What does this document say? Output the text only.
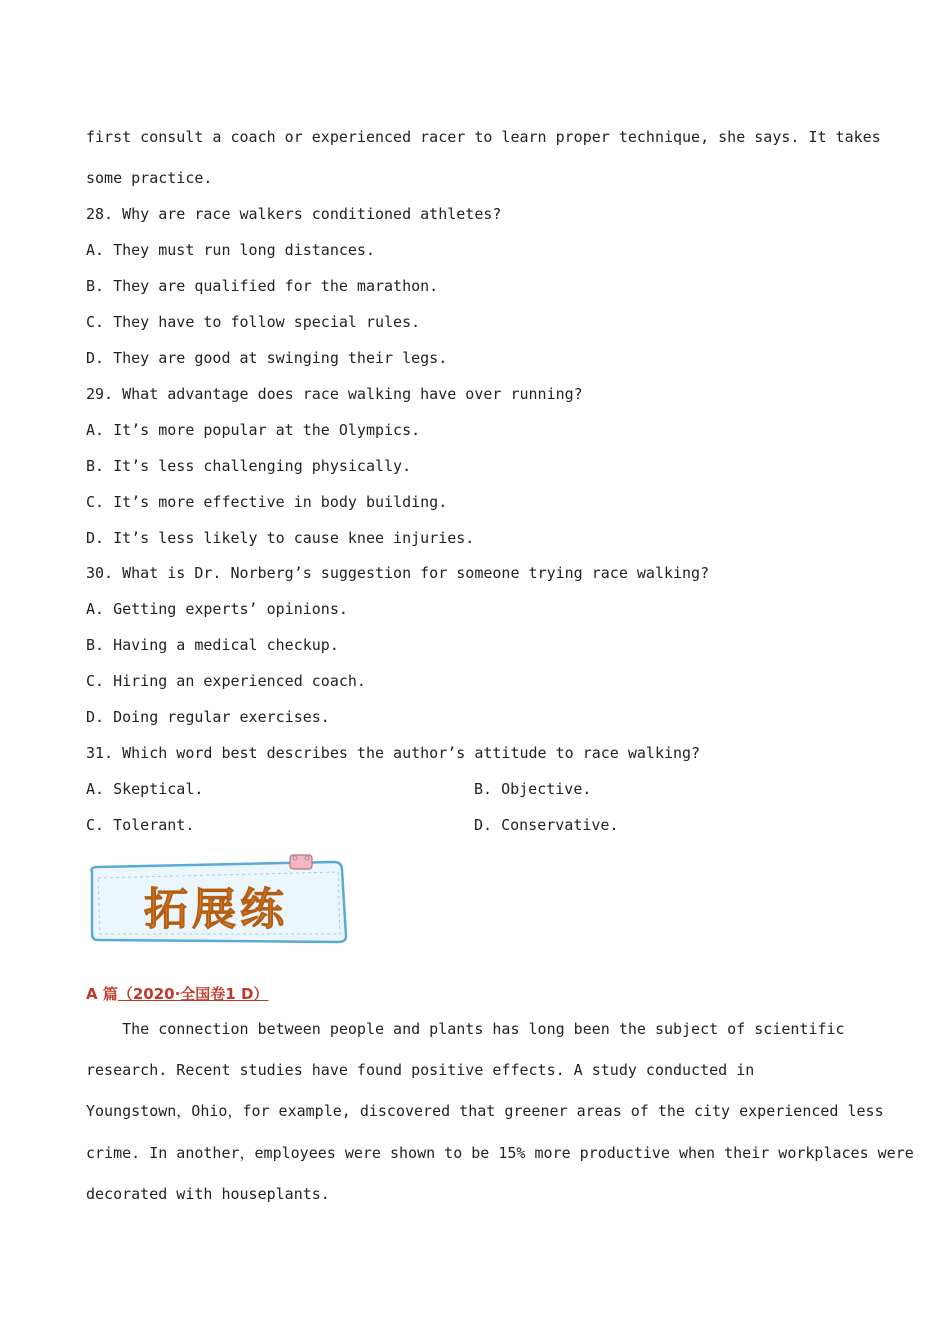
first consult a coach or experienced racer to learn proper technique, she says. It takes
some practice.
28. Why are race walkers conditioned athletes?
A. They must run long distances.
B. They are qualified for the marathon.
C. They have to follow special rules.
D. They are good at swinging their legs.
29. What advantage does race walking have over running?
A. It’s more popular at the Olympics.
B. It’s less challenging physically.
C. It’s more effective in body building.
D. It’s less likely to cause knee injuries.
30. What is Dr. Norberg’s suggestion for someone trying race walking?
A. Getting experts’ opinions.
B. Having a medical checkup.
C. Hiring an experienced coach.
D. Doing regular exercises.
31. Which word best describes the author’s attitude to race walking?
A. Skeptical.	B. Objective.
C. Tolerant.	D. Conservative.
拓展练
A 篇（2020·全国卷1 D）
The connection between people and plants has long been the subject of scientific
research. Recent studies have found positive effects. A study conducted in
Youngstown，Ohio，for example, discovered that greener areas of the city experienced less
crime. In another，employees were shown to be 15% more productive when their workplaces were
decorated with houseplants.
